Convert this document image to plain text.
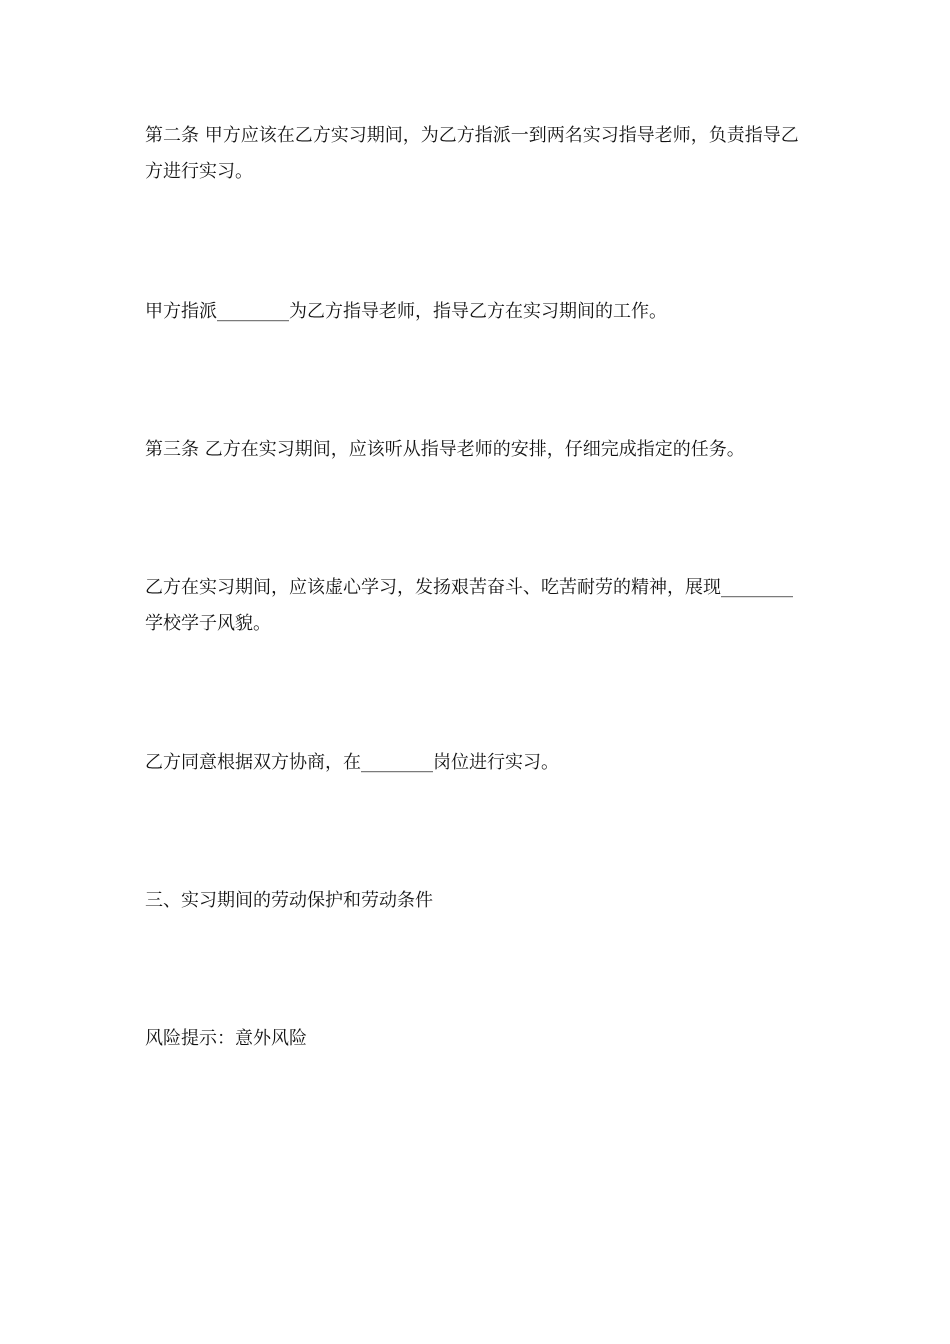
第二条 甲方应该在乙方实习期间，为乙方指派一到两名实习指导老师，负责指导乙方进行实习。

甲方指派________为乙方指导老师，指导乙方在实习期间的工作。

第三条 乙方在实习期间，应该听从指导老师的安排，仔细完成指定的任务。

乙方在实习期间，应该虚心学习，发扬艰苦奋斗、吃苦耐劳的精神，展现________学校学子风貌。

乙方同意根据双方协商，在________岗位进行实习。

三、实习期间的劳动保护和劳动条件

风险提示：意外风险
